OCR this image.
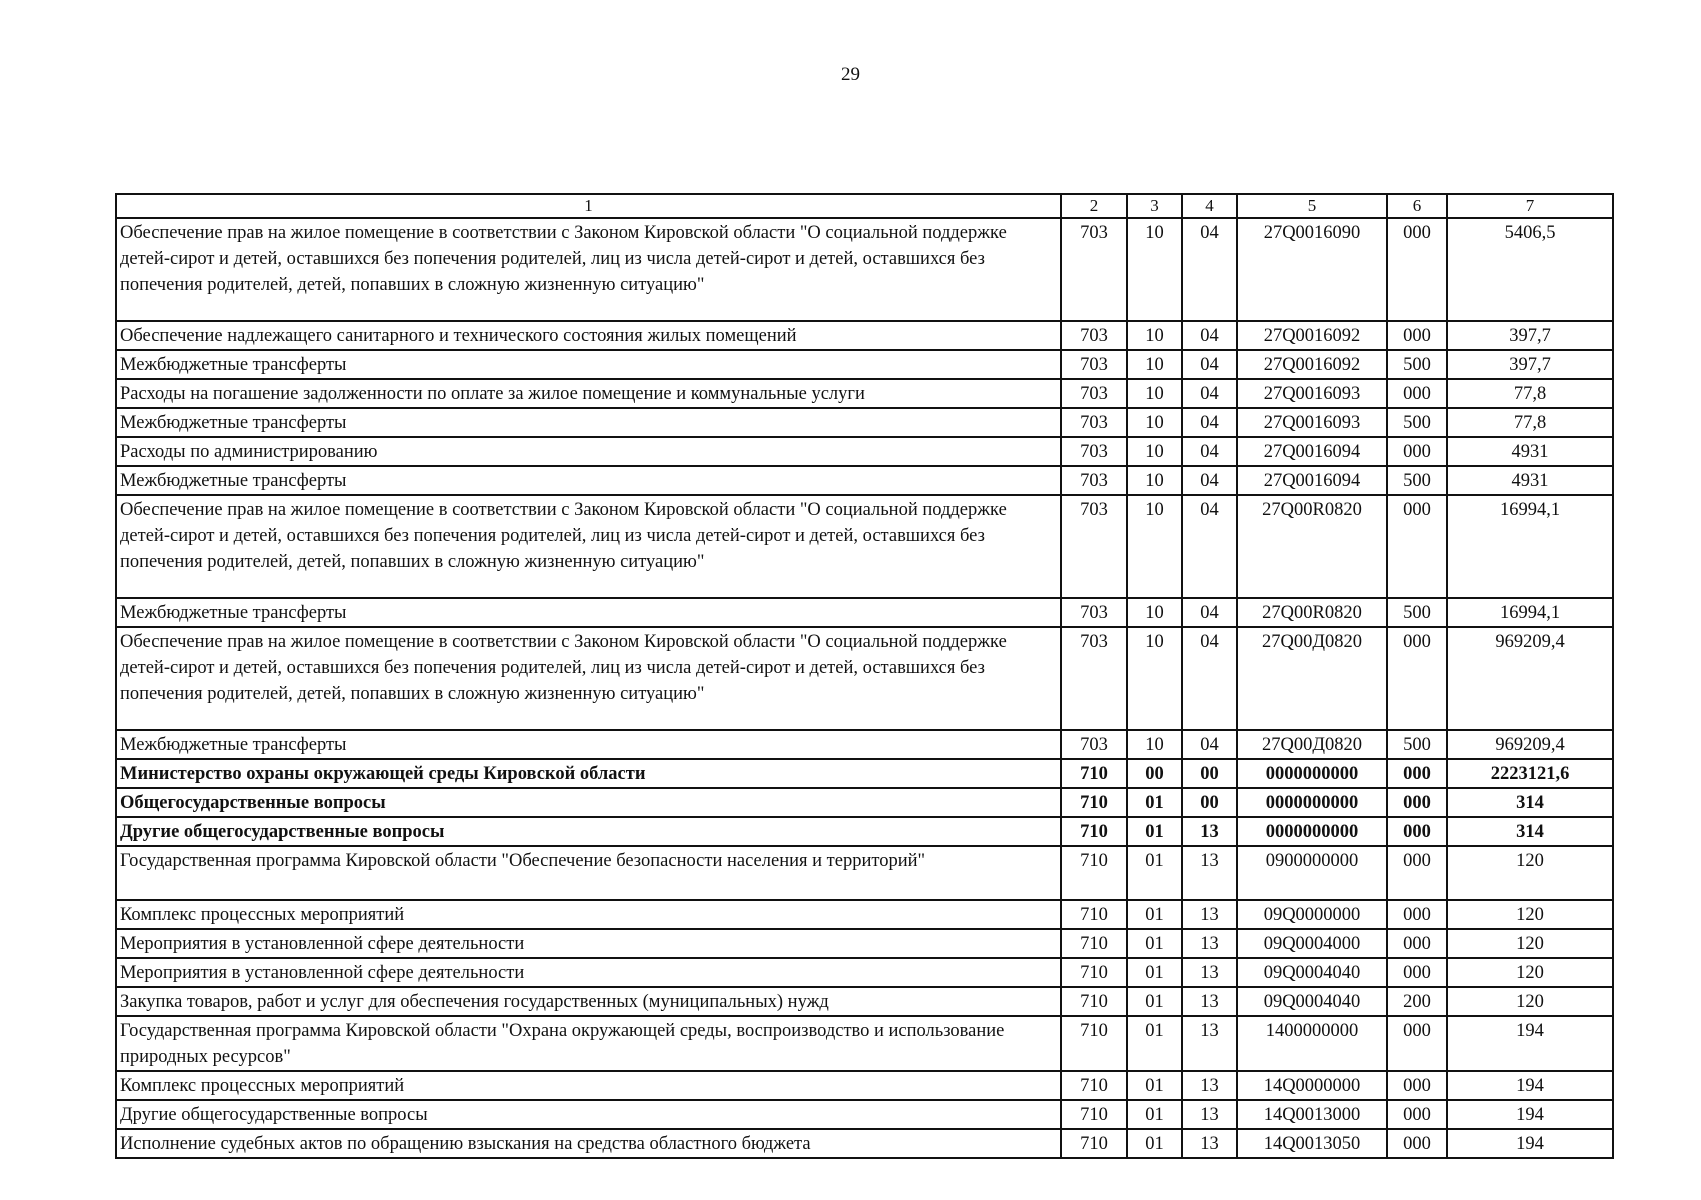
29
1	2	3	4	5	6	7
Обеспечение прав на жилое помещение в соответствии с Законом Кировской области "О социальной поддержке детей-сирот и детей, оставшихся без попечения родителей, лиц из числа детей-сирот и детей, оставшихся без попечения родителей, детей, попавших в сложную жизненную ситуацию"	703	10	04	27Q0016090	000	5406,5
Обеспечение надлежащего санитарного и технического состояния жилых помещений	703	10	04	27Q0016092	000	397,7
Межбюджетные трансферты	703	10	04	27Q0016092	500	397,7
Расходы на погашение задолженности по оплате за жилое помещение и коммунальные услуги	703	10	04	27Q0016093	000	77,8
Межбюджетные трансферты	703	10	04	27Q0016093	500	77,8
Расходы по администрированию	703	10	04	27Q0016094	000	4931
Межбюджетные трансферты	703	10	04	27Q0016094	500	4931
Обеспечение прав на жилое помещение в соответствии с Законом Кировской области "О социальной поддержке детей-сирот и детей, оставшихся без попечения родителей, лиц из числа детей-сирот и детей, оставшихся без попечения родителей, детей, попавших в сложную жизненную ситуацию"	703	10	04	27Q00R0820	000	16994,1
Межбюджетные трансферты	703	10	04	27Q00R0820	500	16994,1
Обеспечение прав на жилое помещение в соответствии с Законом Кировской области "О социальной поддержке детей-сирот и детей, оставшихся без попечения родителей, лиц из числа детей-сирот и детей, оставшихся без попечения родителей, детей, попавших в сложную жизненную ситуацию"	703	10	04	27Q00Д0820	000	969209,4
Межбюджетные трансферты	703	10	04	27Q00Д0820	500	969209,4
Министерство охраны окружающей среды Кировской области	710	00	00	0000000000	000	2223121,6
Общегосударственные вопросы	710	01	00	0000000000	000	314
Другие общегосударственные вопросы	710	01	13	0000000000	000	314
Государственная программа Кировской области "Обеспечение безопасности населения и территорий"	710	01	13	0900000000	000	120
Комплекс процессных мероприятий	710	01	13	09Q0000000	000	120
Мероприятия в установленной сфере деятельности	710	01	13	09Q0004000	000	120
Мероприятия в установленной сфере деятельности	710	01	13	09Q0004040	000	120
Закупка товаров, работ и услуг для обеспечения государственных (муниципальных) нужд	710	01	13	09Q0004040	200	120
Государственная программа Кировской области "Охрана окружающей среды, воспроизводство и использование природных ресурсов"	710	01	13	1400000000	000	194
Комплекс процессных мероприятий	710	01	13	14Q0000000	000	194
Другие общегосударственные вопросы	710	01	13	14Q0013000	000	194
Исполнение судебных актов по обращению взыскания на средства областного бюджета	710	01	13	14Q0013050	000	194
